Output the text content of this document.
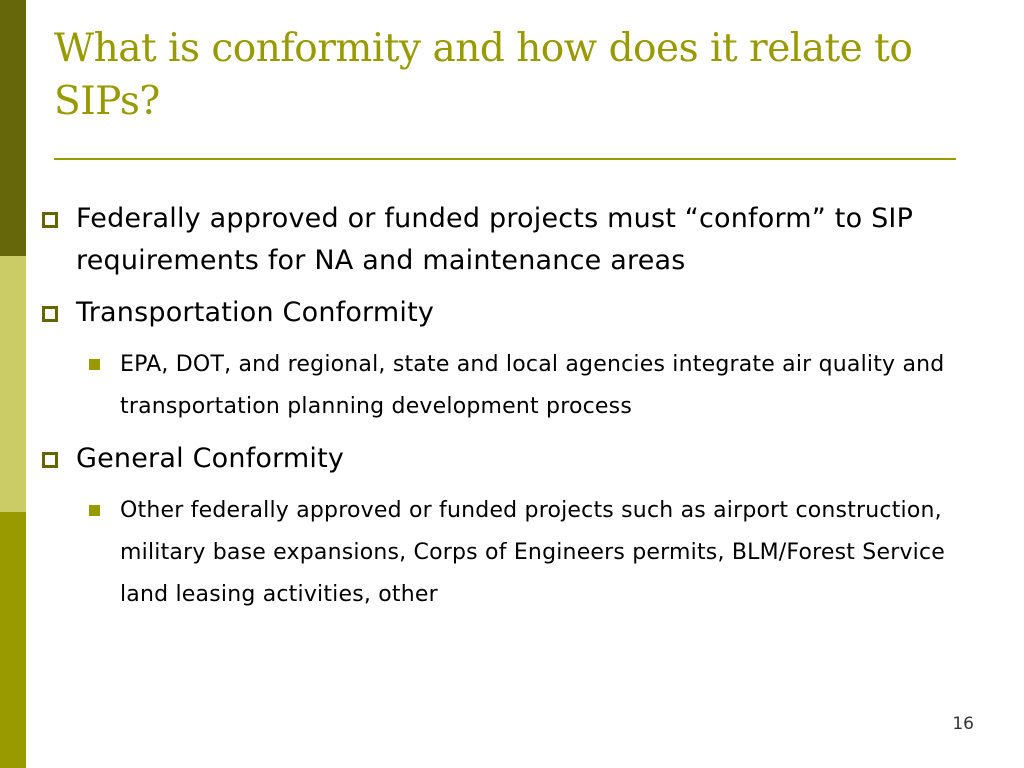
What is conformity and how does it relate to SIPs?
Federally approved or funded projects must “conform” to SIP requirements for NA and maintenance areas
Transportation Conformity
EPA, DOT, and regional, state and local agencies integrate air quality and transportation planning development process
General Conformity
Other federally approved or funded projects such as airport construction, military base expansions, Corps of Engineers permits, BLM/Forest Service land leasing activities, other
16
